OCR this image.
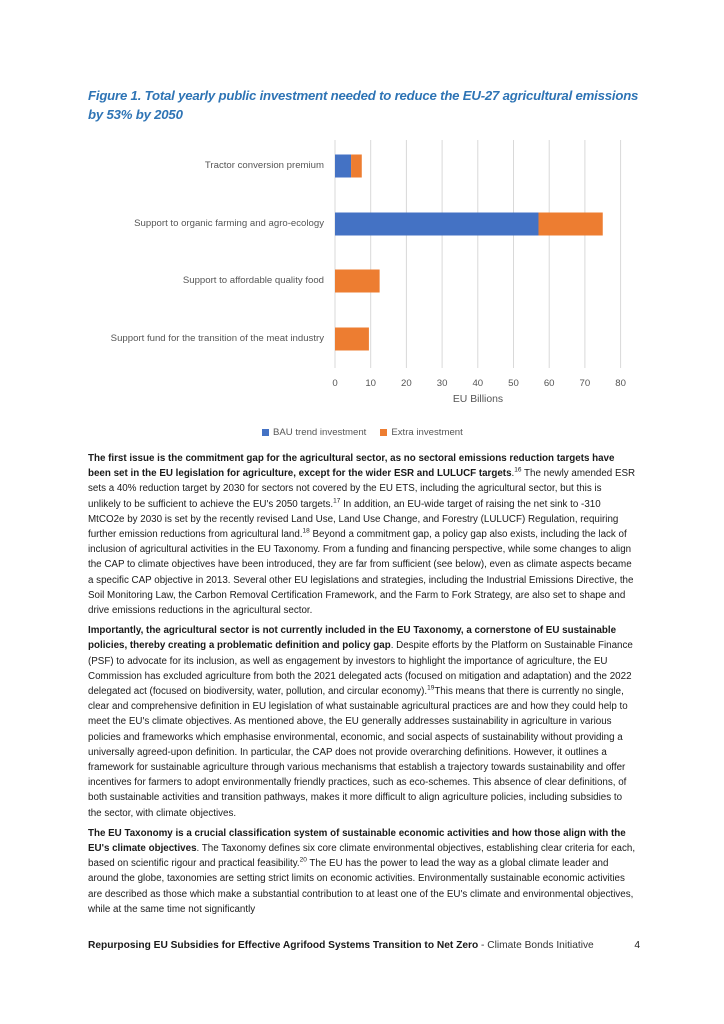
Figure 1. Total yearly public investment needed to reduce the EU-27 agricultural emissions by 53% by 2050
Tractor conversion premium
Support to organic farming and agro-ecology
Support to affordable quality food
Support fund for the transition of the meat industry
0	10	20	30	40	50	60	70	80
EU Billions
BAU trend investment	Extra investment

The first issue is the commitment gap for the agricultural sector, as no sectoral emissions reduction targets have been set in the EU legislation for agriculture, except for the wider ESR and LULUCF targets.$^{16}$ The newly amended ESR sets a 40% reduction target by 2030 for sectors not covered by the EU ETS, including the agricultural sector, but this is unlikely to be sufficient to achieve the EU's 2050 targets.$^{17}$ In addition, an EU-wide target of raising the net sink to -310 MtCO2e by 2030 is set by the recently revised Land Use, Land Use Change, and Forestry (LULUCF) Regulation, requiring further emission reductions from agricultural land.$^{18}$ Beyond a commitment gap, a policy gap also exists, including the lack of inclusion of agricultural activities in the EU Taxonomy. From a funding and financing perspective, while some changes to align the CAP to climate objectives have been introduced, they are far from sufficient (see below), even as climate aspects became a specific CAP objective in 2013. Several other EU legislations and strategies, including the Industrial Emissions Directive, the Soil Monitoring Law, the Carbon Removal Certification Framework, and the Farm to Fork Strategy, are also set to shape and drive emissions reductions in the agricultural sector.

Importantly, the agricultural sector is not currently included in the EU Taxonomy, a cornerstone of EU sustainable policies, thereby creating a problematic definition and policy gap. Despite efforts by the Platform on Sustainable Finance (PSF) to advocate for its inclusion, as well as engagement by investors to highlight the importance of agriculture, the EU Commission has excluded agriculture from both the 2021 delegated acts (focused on mitigation and adaptation) and the 2022 delegated act (focused on biodiversity, water, pollution, and circular economy).$^{19}$This means that there is currently no single, clear and comprehensive definition in EU legislation of what sustainable agricultural practices are and how they could help to meet the EU's climate objectives. As mentioned above, the EU generally addresses sustainability in agriculture in various policies and frameworks which emphasise environmental, economic, and social aspects of sustainability without providing a universally agreed-upon definition. In particular, the CAP does not provide overarching definitions. However, it outlines a framework for sustainable agriculture through various mechanisms that establish a trajectory towards sustainability and offer incentives for farmers to adopt environmentally friendly practices, such as eco-schemes. This absence of clear definitions, of both sustainable activities and transition pathways, makes it more difficult to align agriculture policies, including subsidies to the sector, with climate objectives.

The EU Taxonomy is a crucial classification system of sustainable economic activities and how those align with the EU's climate objectives. The Taxonomy defines six core climate environmental objectives, establishing clear criteria for each, based on scientific rigour and practical feasibility.$^{20}$ The EU has the power to lead the way as a global climate leader and around the globe, taxonomies are setting strict limits on economic activities. Environmentally sustainable economic activities are described as those which make a substantial contribution to at least one of the EU's climate and environmental objectives, while at the same time not significantly

Repurposing EU Subsidies for Effective Agrifood Systems Transition to Net Zero - Climate Bonds Initiative	4
